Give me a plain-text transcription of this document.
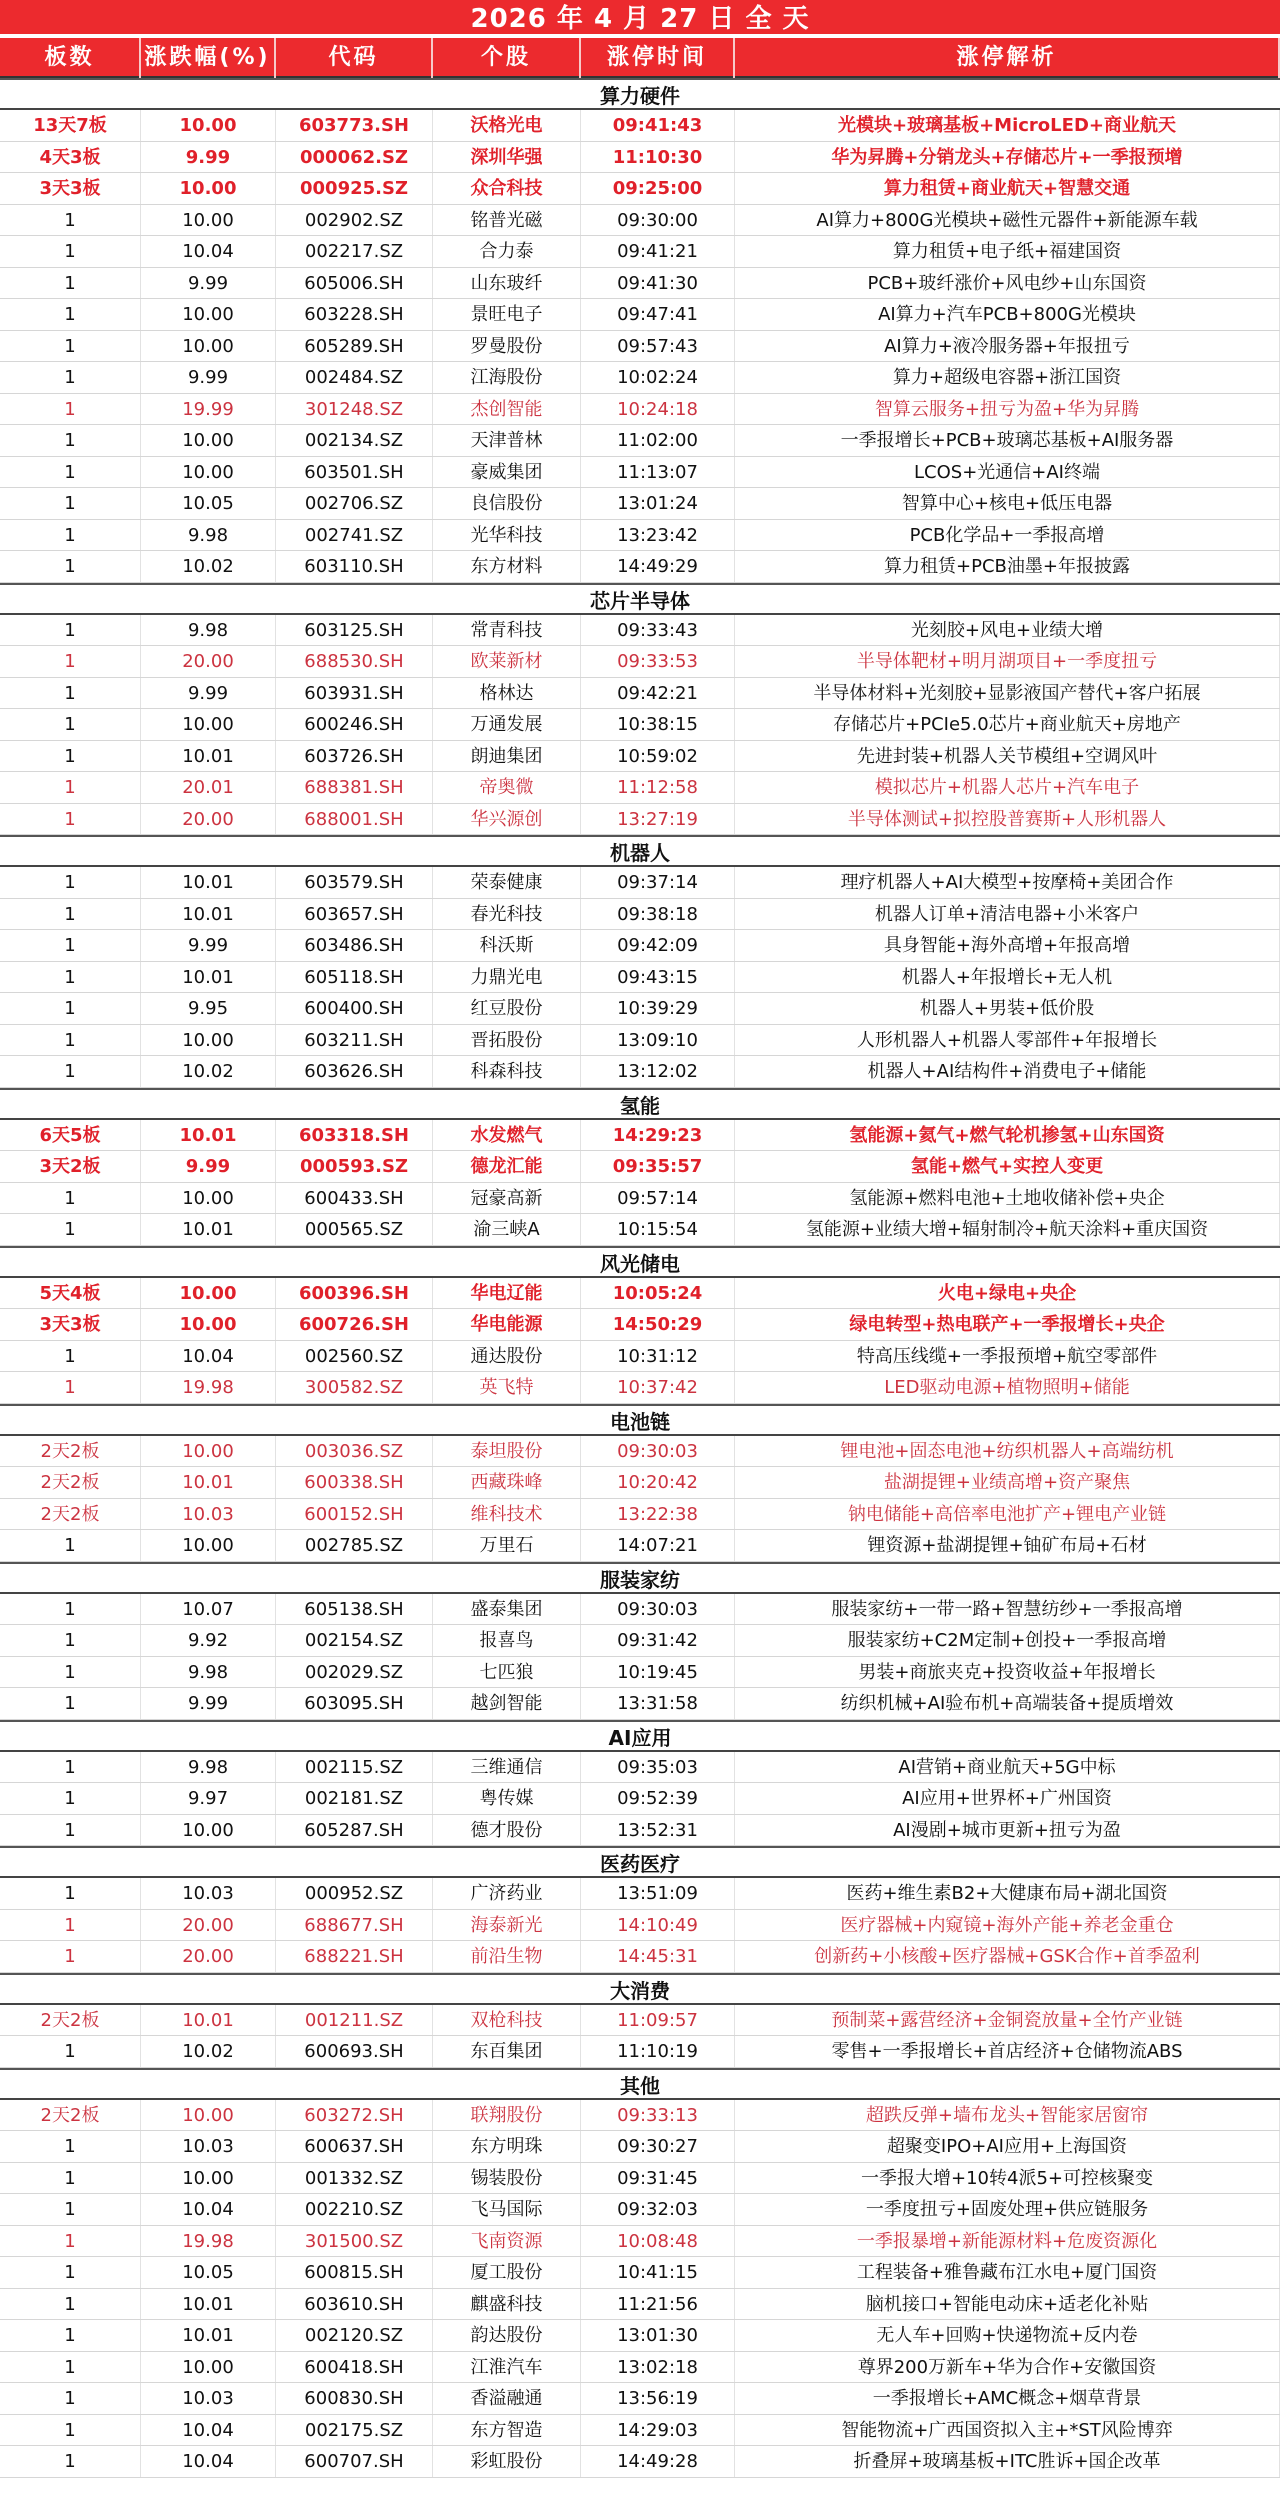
2026 年 4 月 27 日 全 天
板数	涨跌幅(%)	代码	个股	涨停时间	涨停解析
算力硬件
13天7板	10.00	603773.SH	沃格光电	09:41:43	光模块+玻璃基板+MicroLED+商业航天
4天3板	9.99	000062.SZ	深圳华强	11:10:30	华为昇腾+分销龙头+存储芯片+一季报预增
3天3板	10.00	000925.SZ	众合科技	09:25:00	算力租赁+商业航天+智慧交通
1	10.00	002902.SZ	铭普光磁	09:30:00	AI算力+800G光模块+磁性元器件+新能源车载
1	10.04	002217.SZ	合力泰	09:41:21	算力租赁+电子纸+福建国资
1	9.99	605006.SH	山东玻纤	09:41:30	PCB+玻纤涨价+风电纱+山东国资
1	10.00	603228.SH	景旺电子	09:47:41	AI算力+汽车PCB+800G光模块
1	10.00	605289.SH	罗曼股份	09:57:43	AI算力+液冷服务器+年报扭亏
1	9.99	002484.SZ	江海股份	10:02:24	算力+超级电容器+浙江国资
1	19.99	301248.SZ	杰创智能	10:24:18	智算云服务+扭亏为盈+华为昇腾
1	10.00	002134.SZ	天津普林	11:02:00	一季报增长+PCB+玻璃芯基板+AI服务器
1	10.00	603501.SH	豪威集团	11:13:07	LCOS+光通信+AI终端
1	10.05	002706.SZ	良信股份	13:01:24	智算中心+核电+低压电器
1	9.98	002741.SZ	光华科技	13:23:42	PCB化学品+一季报高增
1	10.02	603110.SH	东方材料	14:49:29	算力租赁+PCB油墨+年报披露
芯片半导体
1	9.98	603125.SH	常青科技	09:33:43	光刻胶+风电+业绩大增
1	20.00	688530.SH	欧莱新材	09:33:53	半导体靶材+明月湖项目+一季度扭亏
1	9.99	603931.SH	格林达	09:42:21	半导体材料+光刻胶+显影液国产替代+客户拓展
1	10.00	600246.SH	万通发展	10:38:15	存储芯片+PCIe5.0芯片+商业航天+房地产
1	10.01	603726.SH	朗迪集团	10:59:02	先进封装+机器人关节模组+空调风叶
1	20.01	688381.SH	帝奥微	11:12:58	模拟芯片+机器人芯片+汽车电子
1	20.00	688001.SH	华兴源创	13:27:19	半导体测试+拟控股普赛斯+人形机器人
机器人
1	10.01	603579.SH	荣泰健康	09:37:14	理疗机器人+AI大模型+按摩椅+美团合作
1	10.01	603657.SH	春光科技	09:38:18	机器人订单+清洁电器+小米客户
1	9.99	603486.SH	科沃斯	09:42:09	具身智能+海外高增+年报高增
1	10.01	605118.SH	力鼎光电	09:43:15	机器人+年报增长+无人机
1	9.95	600400.SH	红豆股份	10:39:29	机器人+男装+低价股
1	10.00	603211.SH	晋拓股份	13:09:10	人形机器人+机器人零部件+年报增长
1	10.02	603626.SH	科森科技	13:12:02	机器人+AI结构件+消费电子+储能
氢能
6天5板	10.01	603318.SH	水发燃气	14:29:23	氢能源+氦气+燃气轮机掺氢+山东国资
3天2板	9.99	000593.SZ	德龙汇能	09:35:57	氢能+燃气+实控人变更
1	10.00	600433.SH	冠豪高新	09:57:14	氢能源+燃料电池+土地收储补偿+央企
1	10.01	000565.SZ	渝三峡A	10:15:54	氢能源+业绩大增+辐射制冷+航天涂料+重庆国资
风光储电
5天4板	10.00	600396.SH	华电辽能	10:05:24	火电+绿电+央企
3天3板	10.00	600726.SH	华电能源	14:50:29	绿电转型+热电联产+一季报增长+央企
1	10.04	002560.SZ	通达股份	10:31:12	特高压线缆+一季报预增+航空零部件
1	19.98	300582.SZ	英飞特	10:37:42	LED驱动电源+植物照明+储能
电池链
2天2板	10.00	003036.SZ	泰坦股份	09:30:03	锂电池+固态电池+纺织机器人+高端纺机
2天2板	10.01	600338.SH	西藏珠峰	10:20:42	盐湖提锂+业绩高增+资产聚焦
2天2板	10.03	600152.SH	维科技术	13:22:38	钠电储能+高倍率电池扩产+锂电产业链
1	10.00	002785.SZ	万里石	14:07:21	锂资源+盐湖提锂+铀矿布局+石材
服装家纺
1	10.07	605138.SH	盛泰集团	09:30:03	服装家纺+一带一路+智慧纺纱+一季报高增
1	9.92	002154.SZ	报喜鸟	09:31:42	服装家纺+C2M定制+创投+一季报高增
1	9.98	002029.SZ	七匹狼	10:19:45	男装+商旅夹克+投资收益+年报增长
1	9.99	603095.SH	越剑智能	13:31:58	纺织机械+AI验布机+高端装备+提质增效
AI应用
1	9.98	002115.SZ	三维通信	09:35:03	AI营销+商业航天+5G中标
1	9.97	002181.SZ	粤传媒	09:52:39	AI应用+世界杯+广州国资
1	10.00	605287.SH	德才股份	13:52:31	AI漫剧+城市更新+扭亏为盈
医药医疗
1	10.03	000952.SZ	广济药业	13:51:09	医药+维生素B2+大健康布局+湖北国资
1	20.00	688677.SH	海泰新光	14:10:49	医疗器械+内窥镜+海外产能+养老金重仓
1	20.00	688221.SH	前沿生物	14:45:31	创新药+小核酸+医疗器械+GSK合作+首季盈利
大消费
2天2板	10.01	001211.SZ	双枪科技	11:09:57	预制菜+露营经济+金铜瓷放量+全竹产业链
1	10.02	600693.SH	东百集团	11:10:19	零售+一季报增长+首店经济+仓储物流ABS
其他
2天2板	10.00	603272.SH	联翔股份	09:33:13	超跌反弹+墙布龙头+智能家居窗帘
1	10.03	600637.SH	东方明珠	09:30:27	超聚变IPO+AI应用+上海国资
1	10.00	001332.SZ	锡装股份	09:31:45	一季报大增+10转4派5+可控核聚变
1	10.04	002210.SZ	飞马国际	09:32:03	一季度扭亏+固废处理+供应链服务
1	19.98	301500.SZ	飞南资源	10:08:48	一季报暴增+新能源材料+危废资源化
1	10.05	600815.SH	厦工股份	10:41:15	工程装备+雅鲁藏布江水电+厦门国资
1	10.01	603610.SH	麒盛科技	11:21:56	脑机接口+智能电动床+适老化补贴
1	10.01	002120.SZ	韵达股份	13:01:30	无人车+回购+快递物流+反内卷
1	10.00	600418.SH	江淮汽车	13:02:18	尊界200万新车+华为合作+安徽国资
1	10.03	600830.SH	香溢融通	13:56:19	一季报增长+AMC概念+烟草背景
1	10.04	002175.SZ	东方智造	14:29:03	智能物流+广西国资拟入主+*ST风险博弈
1	10.04	600707.SH	彩虹股份	14:49:28	折叠屏+玻璃基板+ITC胜诉+国企改革
